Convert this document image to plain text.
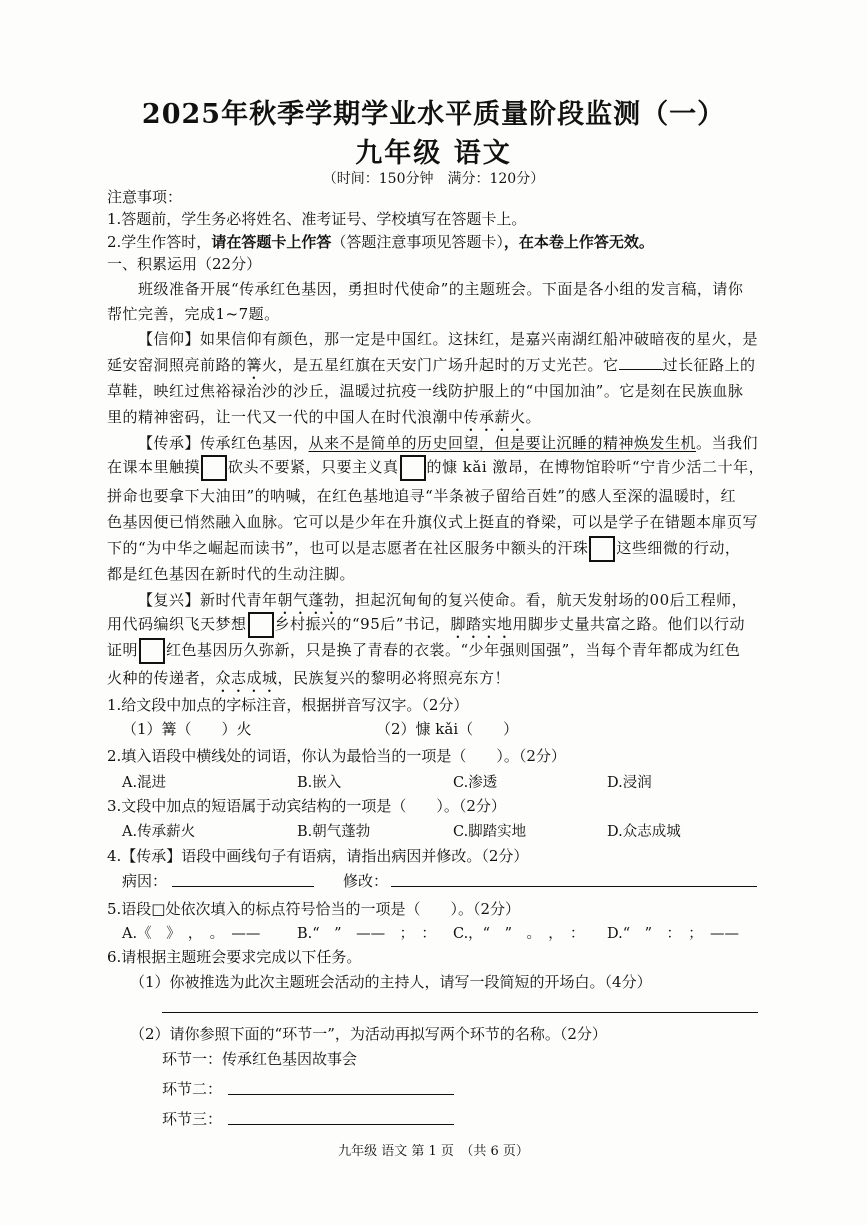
2025年秋季学期学业水平质量阶段监测（一）
九年级 语文
（时间：150分钟　满分：120分）
注意事项：
1.答题前，学生务必将姓名、准考证号、学校填写在答题卡上。
2.学生作答时，请在答题卡上作答（答题注意事项见答题卡），在本卷上作答无效。
一、积累运用（22分）
班级准备开展“传承红色基因，勇担时代使命”的主题班会。下面是各小组的发言稿，请你
帮忙完善，完成1~7题。
【信仰】如果信仰有颜色，那一定是中国红。这抹红，是嘉兴南湖红船冲破暗夜的星火，是
延安窑洞照亮前路的篝火，是五星红旗在天安门广场升起时的万丈光芒。它	过长征路上的
草鞋，映红过焦裕禄治沙的沙丘，温暖过抗疫一线防护服上的“中国加油”。它是刻在民族血脉
里的精神密码，让一代又一代的中国人在时代浪潮中传承薪火。
【传承】传承红色基因，从来不是简单的历史回望，但是要让沉睡的精神焕发生机。当我们
在课本里触摸 砍头不要紧，只要主义真 的慷 kǎi 激昂，在博物馆聆听“宁肯少活二十年，
拼命也要拿下大油田”的呐喊，在红色基地追寻“半条被子留给百姓”的感人至深的温暖时，红
色基因便已悄然融入血脉。它可以是少年在升旗仪式上挺直的脊梁，可以是学子在错题本扉页写
下的“为中华之崛起而读书”，也可以是志愿者在社区服务中额头的汗珠 这些细微的行动，
都是红色基因在新时代的生动注脚。
【复兴】新时代青年朝气蓬勃，担起沉甸甸的复兴使命。看，航天发射场的00后工程师，
用代码编织飞天梦想 乡村振兴的“95后”书记，脚踏实地用脚步丈量共富之路。他们以行动
证明 红色基因历久弥新，只是换了青春的衣裳。“少年强则国强”，当每个青年都成为红色
火种的传递者，众志成城，民族复兴的黎明必将照亮东方！
1.给文段中加点的字标注音，根据拼音写汉字。（2分）
（1）篝（　　）火	（2）慷 kǎi（　　）
2.填入语段中横线处的词语，你认为最恰当的一项是（　　）。（2分）
A.混进	B.嵌入	C.渗透	D.浸润
3.文段中加点的短语属于动宾结构的一项是（　　）。（2分）
A.传承薪火	B.朝气蓬勃	C.脚踏实地	D.众志成城
4.【传承】语段中画线句子有语病，请指出病因并修改。（2分）
病因：	修改：
5.语段□处依次填入的标点符号恰当的一项是（　　）。（2分）
A.《　》　，　。　——	B.“　”　——　；　： C.，“　”　。　，　： D.“　”　：　；　——
6.请根据主题班会要求完成以下任务。
（1）你被推选为此次主题班会活动的主持人，请写一段简短的开场白。（4分）
（2）请你参照下面的“环节一”，为活动再拟写两个环节的名称。（2分）
环节一：传承红色基因故事会
环节二：
环节三：
九年级 语文 第 1 页　（共 6 页）
